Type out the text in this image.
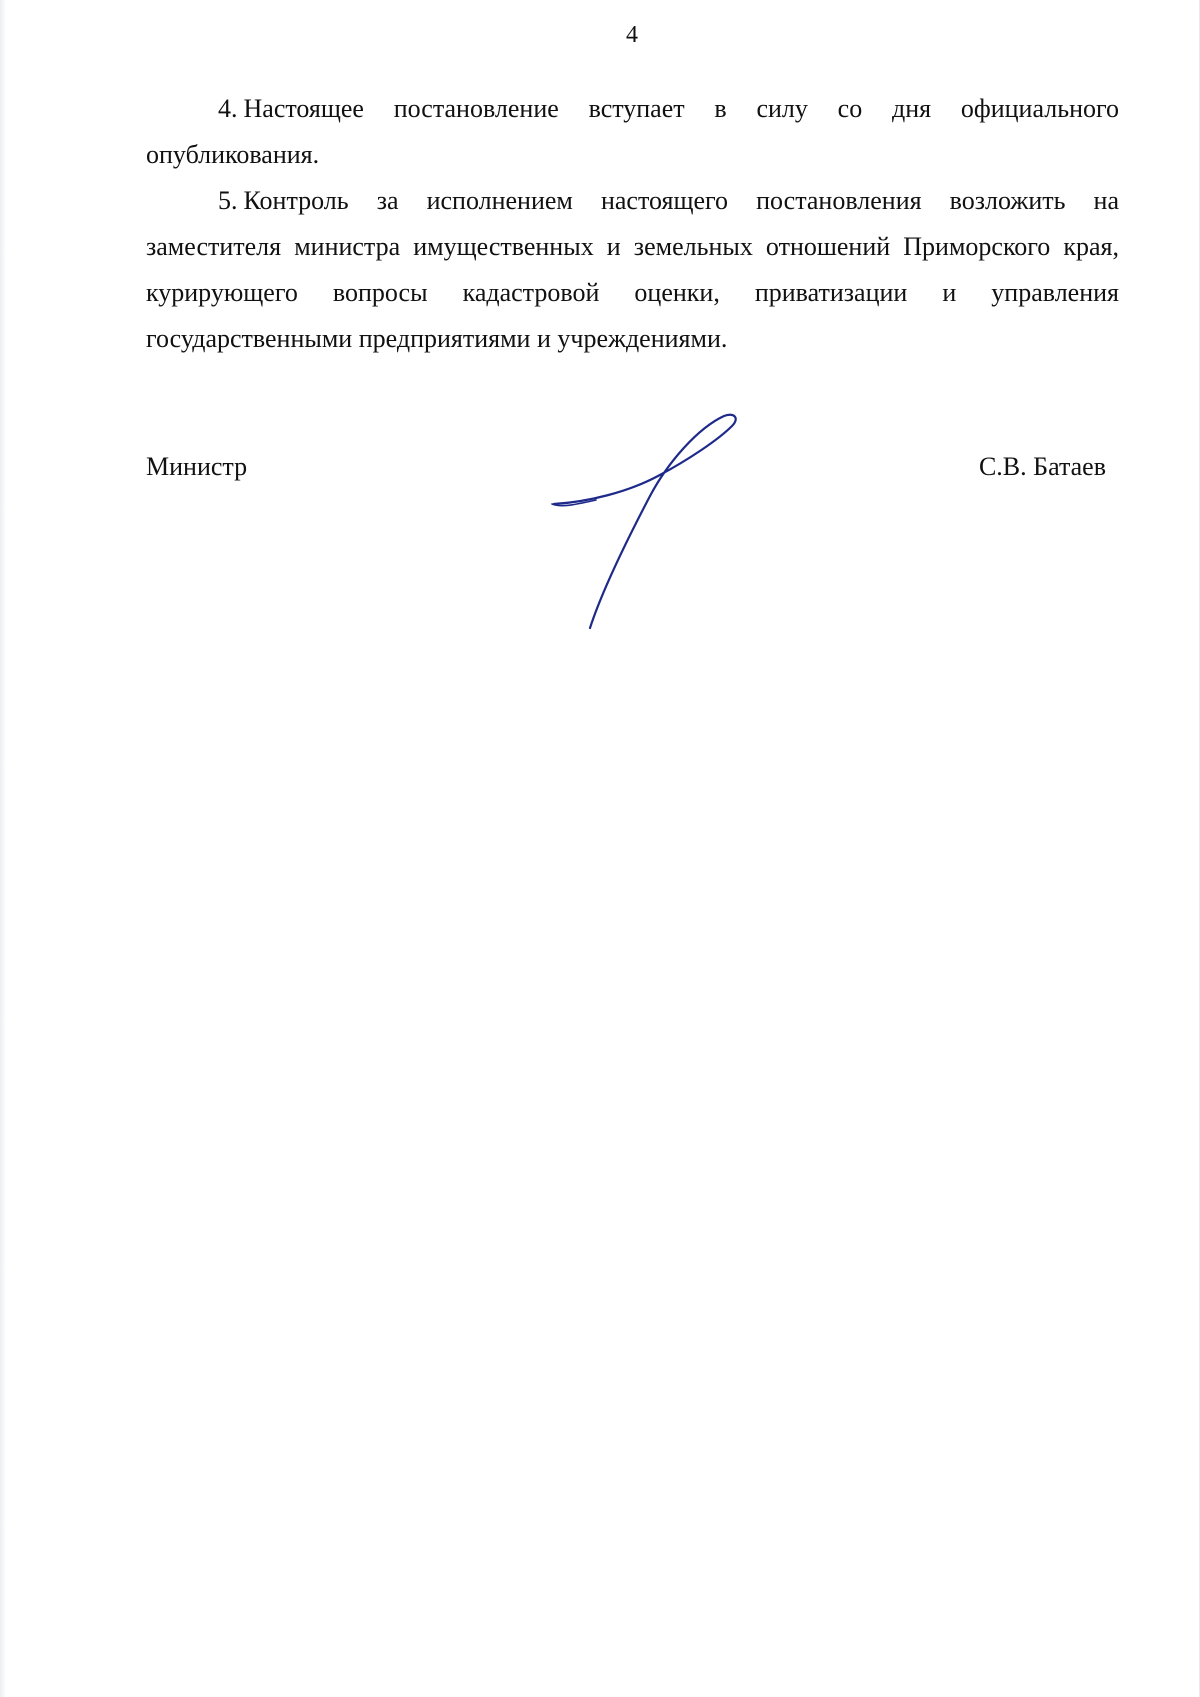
4

4. Настоящее постановление вступает в силу со дня официального опубликования.

5. Контроль за исполнением настоящего постановления возложить на заместителя министра имущественных и земельных отношений Приморского края, курирующего вопросы кадастровой оценки, приватизации и управления государственными предприятиями и учреждениями.

Министр	С.В. Батаев
